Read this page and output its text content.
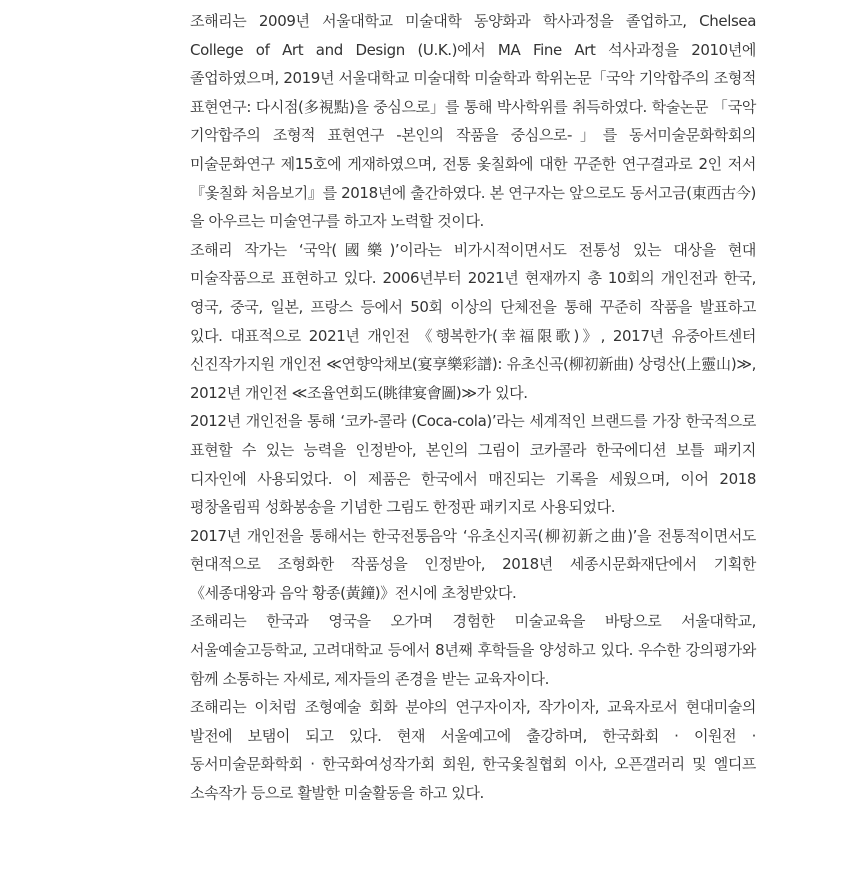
조해리는 2009년 서울대학교 미술대학 동양화과 학사과정을 졸업하고, Chelsea College of Art and Design (U.K.)에서 MA Fine Art 석사과정을 2010년에 졸업하였으며, 2019년 서울대학교 미술대학 미술학과 학위논문「국악 기악합주의 조형적 표현연구: 다시점(多視點)을 중심으로」를 통해 박사학위를 취득하였다. 학술논문 「국악 기악합주의 조형적 표현연구 -본인의 작품을 중심으로-」를 동서미술문화학회의 미술문화연구 제15호에 게재하였으며, 전통 옻칠화에 대한 꾸준한 연구결과로 2인 저서『옻칠화 처음보기』를 2018년에 출간하였다. 본 연구자는 앞으로도 동서고금(東西古今)을 아우르는 미술연구를 하고자 노력할 것이다.

조해리 작가는 ‘국악(國樂)’이라는 비가시적이면서도 전통성 있는 대상을 현대 미술작품으로 표현하고 있다. 2006년부터 2021년 현재까지 총 10회의 개인전과 한국, 영국, 중국, 일본, 프랑스 등에서 50회 이상의 단체전을 통해 꾸준히 작품을 발표하고 있다. 대표적으로 2021년 개인전 《행복한가(幸福限歌)》, 2017년 유중아트센터 신진작가지원 개인전 ≪연향악채보(宴享樂彩譜): 유초신곡(柳初新曲) 상령산(上靈山)≫, 2012년 개인전 ≪조율연회도(眺律宴會圖)≫가 있다.

2012년 개인전을 통해 ‘코카-콜라 (Coca-cola)’라는 세계적인 브랜드를 가장 한국적으로 표현할 수 있는 능력을 인정받아, 본인의 그림이 코카콜라 한국에디션 보틀 패키지 디자인에 사용되었다. 이 제품은 한국에서 매진되는 기록을 세웠으며, 이어 2018 평창올림픽 성화봉송을 기념한 그림도 한정판 패키지로 사용되었다.

2017년 개인전을 통해서는 한국전통음악 ‘유초신지곡(柳初新之曲)’을 전통적이면서도 현대적으로 조형화한 작품성을 인정받아, 2018년 세종시문화재단에서 기획한《세종대왕과 음악 황종(黃鐘)》전시에 초청받았다.

조해리는 한국과 영국을 오가며 경험한 미술교육을 바탕으로 서울대학교, 서울예술고등학교, 고려대학교 등에서 8년째 후학들을 양성하고 있다. 우수한 강의평가와 함께 소통하는 자세로, 제자들의 존경을 받는 교육자이다.

조해리는 이처럼 조형예술 회화 분야의 연구자이자, 작가이자, 교육자로서 현대미술의 발전에 보탬이 되고 있다. 현재 서울예고에 출강하며, 한국화회 · 이원전 · 동서미술문화학회 · 한국화여성작가회 회원, 한국옻칠협회 이사, 오픈갤러리 및 엘디프 소속작가 등으로 활발한 미술활동을 하고 있다.
